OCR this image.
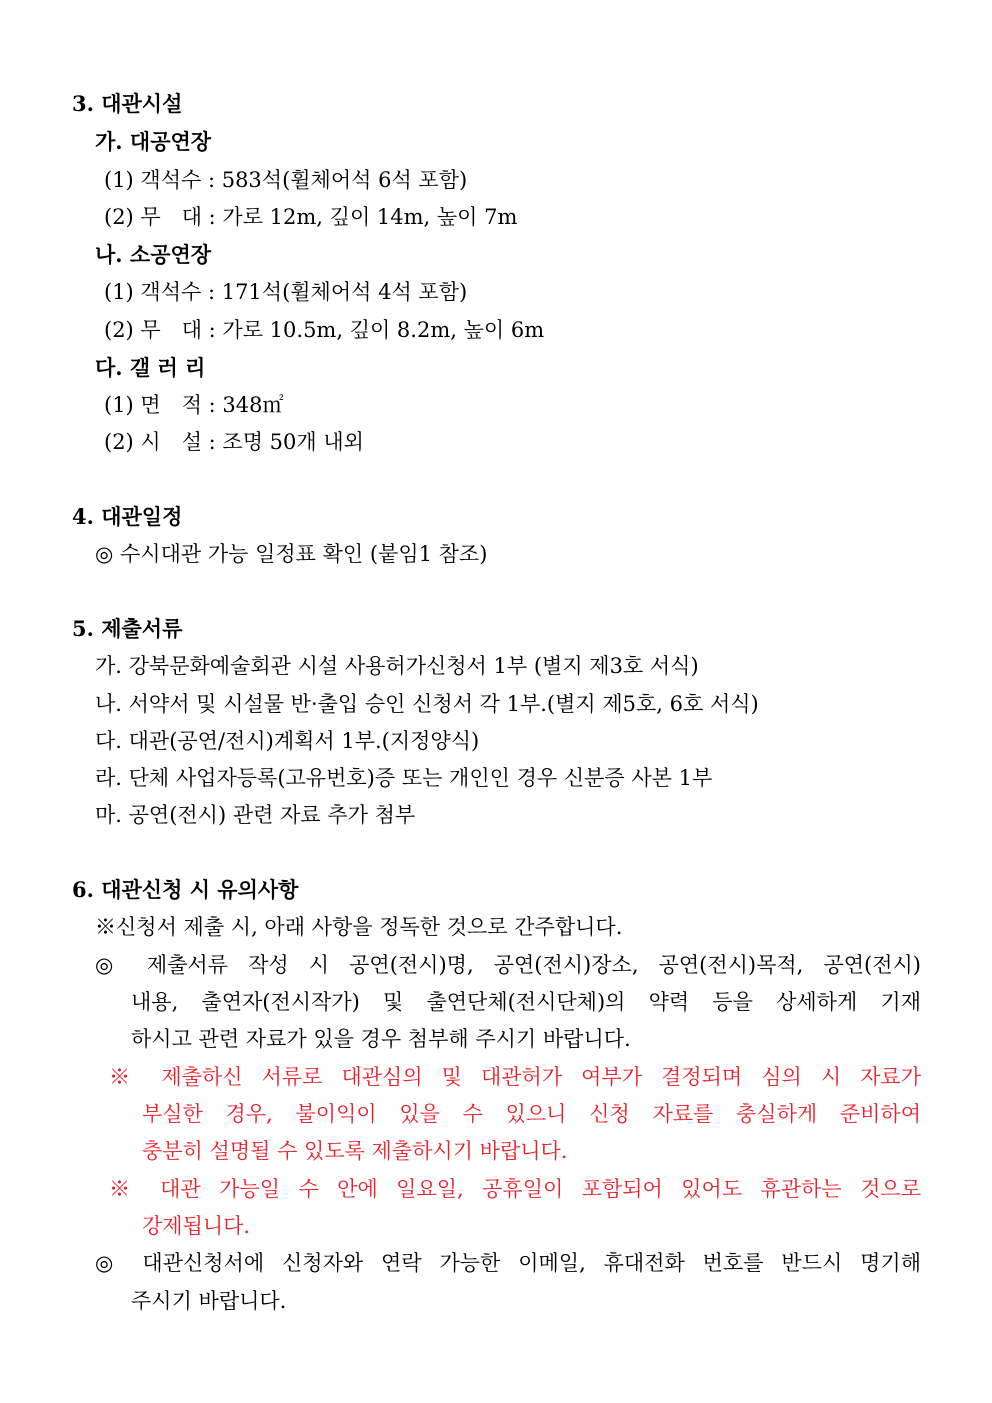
3. 대관시설
가. 대공연장
(1) 객석수 : 583석(휠체어석 6석 포함)
(2) 무　대 : 가로 12m, 깊이 14m, 높이 7m
나. 소공연장
(1) 객석수 : 171석(휠체어석 4석 포함)
(2) 무　대 : 가로 10.5m, 깊이 8.2m, 높이 6m
다. 갤 러 리
(1) 면　적 : 348㎡
(2) 시　설 : 조명 50개 내외
4. 대관일정
◎ 수시대관 가능 일정표 확인 (붙임1 참조)
5. 제출서류
가. 강북문화예술회관 시설 사용허가신청서 1부 (별지 제3호 서식)
나. 서약서 및 시설물 반·출입 승인 신청서 각 1부.(별지 제5호, 6호 서식)
다. 대관(공연/전시)계획서 1부.(지정양식)
라. 단체 사업자등록(고유번호)증 또는 개인인 경우 신분증 사본 1부
마. 공연(전시) 관련 자료 추가 첨부
6. 대관신청 시 유의사항
※신청서 제출 시, 아래 사항을 정독한 것으로 간주합니다.
◎ 제출서류 작성 시 공연(전시)명, 공연(전시)장소, 공연(전시)목적, 공연(전시)
내용, 출연자(전시작가) 및 출연단체(전시단체)의 약력 등을 상세하게 기재
하시고 관련 자료가 있을 경우 첨부해 주시기 바랍니다.
※ 제출하신 서류로 대관심의 및 대관허가 여부가 결정되며 심의 시 자료가
부실한 경우, 불이익이 있을 수 있으니 신청 자료를 충실하게 준비하여
충분히 설명될 수 있도록 제출하시기 바랍니다.
※ 대관 가능일 수 안에 일요일, 공휴일이 포함되어 있어도 휴관하는 것으로
강제됩니다.
◎ 대관신청서에 신청자와 연락 가능한 이메일, 휴대전화 번호를 반드시 명기해
주시기 바랍니다.
